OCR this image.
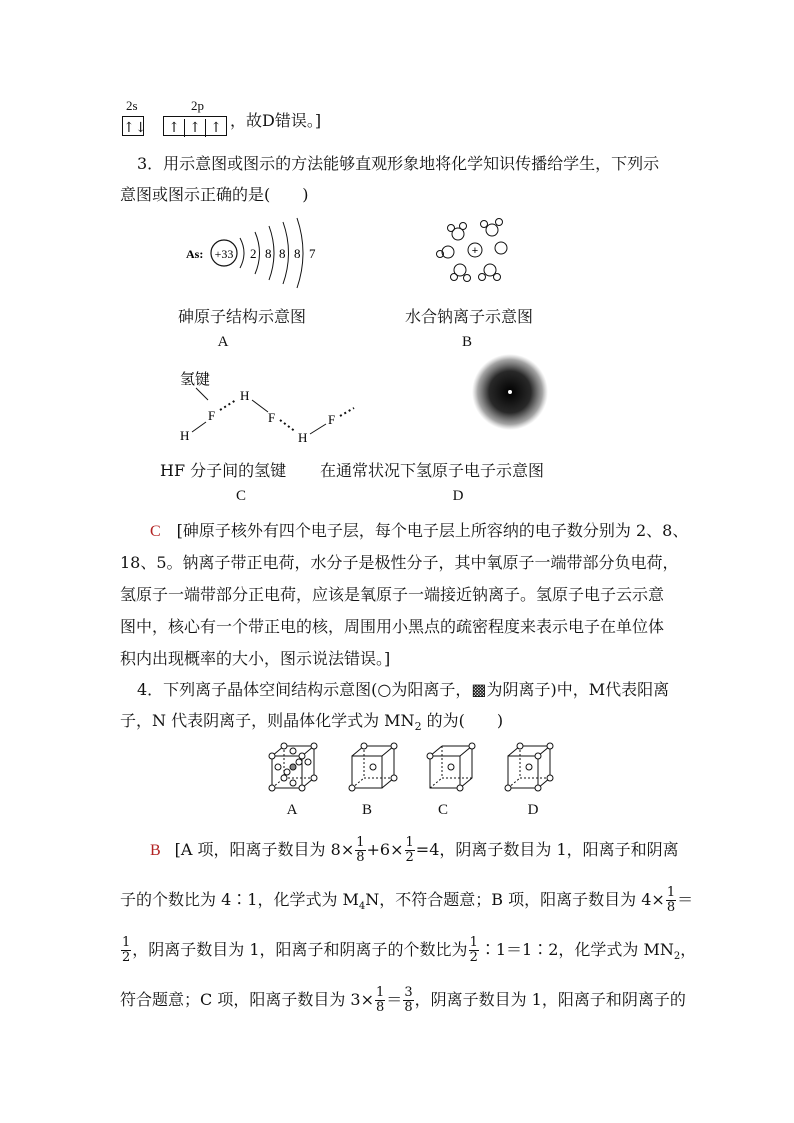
2s	2p
↑↓	↑ ↑ ↑ ，故D错误。]
3．用示意图或图示的方法能够直观形象地将化学知识传播给学生，下列示
意图或图示正确的是(　　)
As: +33 2 8 8 8 7
砷原子结构示意图
A
+
水合钠离子示意图
B
氢键
H
F
H
F
H
F
HF 分子间的氢键
C
在通常状况下氢原子电子示意图
D
C [砷原子核外有四个电子层，每个电子层上所容纳的电子数分别为 2、8、
18、5。钠离子带正电荷，水分子是极性分子，其中氧原子一端带部分负电荷，
氢原子一端带部分正电荷，应该是氧原子一端接近钠离子。氢原子电子云示意
图中，核心有一个带正电的核，周围用小黑点的疏密程度来表示电子在单位体
积内出现概率的大小，图示说法错误。]
4．下列离子晶体空间结构示意图(○为阳离子，▩为阴离子)中，M代表阳离
子，N 代表阴离子，则晶体化学式为 $MN_2$ 的为(　　)
A	B	C	D
B [A 项，阳离子数目为 $8\times \frac{1}{8} +6\times \frac{1}{2} =4$，阴离子数目为 1，阳离子和阴离
子的个数比为 4∶1，化学式为 $M_4N$，不符合题意；B 项，阳离子数目为 $4\times \frac{1}{8}$ ＝
$\frac{1}{2}$ ，阴离子数目为 1，阳离子和阴离子的个数比为 $\frac{1}{2}$ ∶1＝1∶2，化学式为 $MN_2$，
符合题意；C 项，阳离子数目为 $3\times \frac{1}{8} = \frac{3}{8}$ ，阴离子数目为 1，阳离子和阴离子的
